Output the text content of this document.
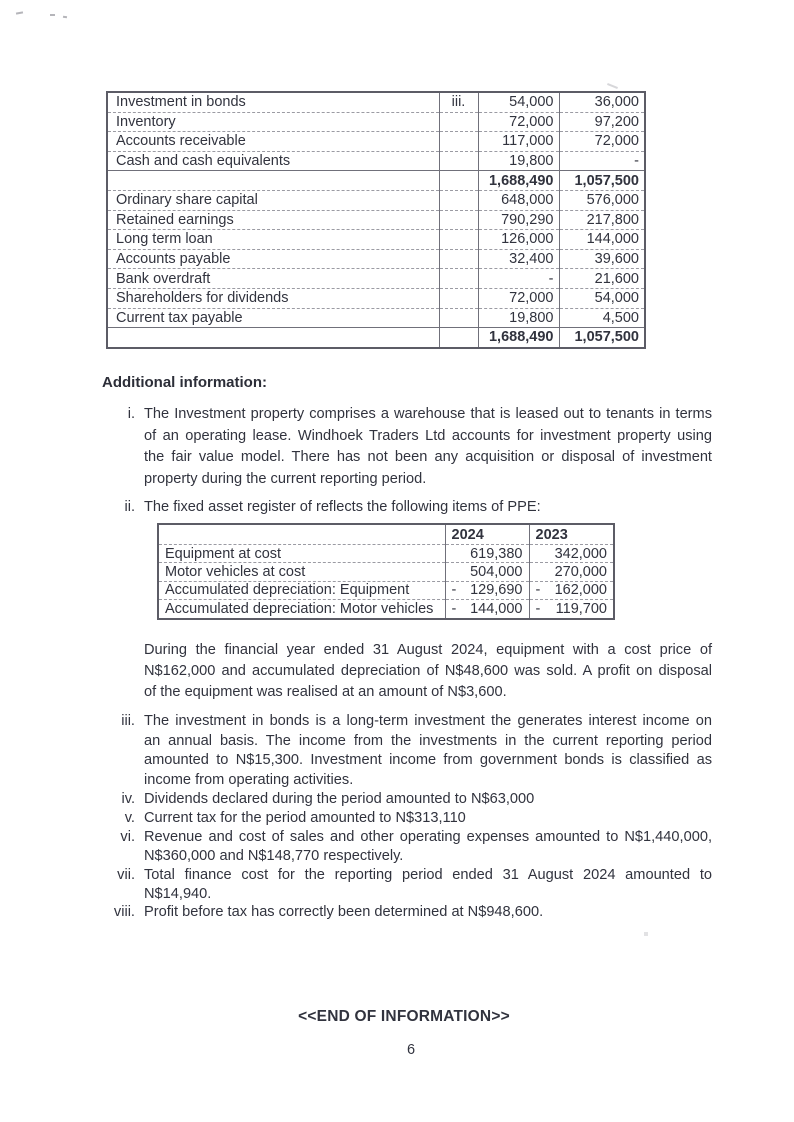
Investment in bonds	iii.	54,000	36,000
Inventory		72,000	97,200
Accounts receivable		117,000	72,000
Cash and cash equivalents		19,800	-
		1,688,490	1,057,500
Ordinary share capital		648,000	576,000
Retained earnings		790,290	217,800
Long term loan		126,000	144,000
Accounts payable		32,400	39,600
Bank overdraft		-	21,600
Shareholders for dividends		72,000	54,000
Current tax payable		19,800	4,500
		1,688,490	1,057,500
Additional information:
i. The Investment property comprises a warehouse that is leased out to tenants in terms
of an operating lease. Windhoek Traders Ltd accounts for investment property using
the fair value model. There has not been any acquisition or disposal of investment
property during the current reporting period.
ii. The fixed asset register of reflects the following items of PPE:
	2024	2023
Equipment at cost	619,380	342,000

Motor vehicles at cost	504,000	270,000

Accumulated depreciation: Equipment	- 129,690	- 162,000

Accumulated depreciation: Motor vehicles	- 144,000	- 119,700
During the financial year ended 31 August 2024, equipment with a cost price of
N$162,000 and accumulated depreciation of N$48,600 was sold. A profit on disposal
of the equipment was realised at an amount of N$3,600.
iii. The investment in bonds is a long-term investment the generates interest income on
an annual basis. The income from the investments in the current reporting period
amounted to N$15,300. Investment income from government bonds is classified as
income from operating activities.
iv. Dividends declared during the period amounted to N$63,000
v. Current tax for the period amounted to N$313,110
vi. Revenue and cost of sales and other operating expenses amounted to N$1,440,000,
N$360,000 and N$148,770 respectively.
vii. Total finance cost for the reporting period ended 31 August 2024 amounted to
N$14,940.
viii. Profit before tax has correctly been determined at N$948,600.
<<END OF INFORMATION>>
6
